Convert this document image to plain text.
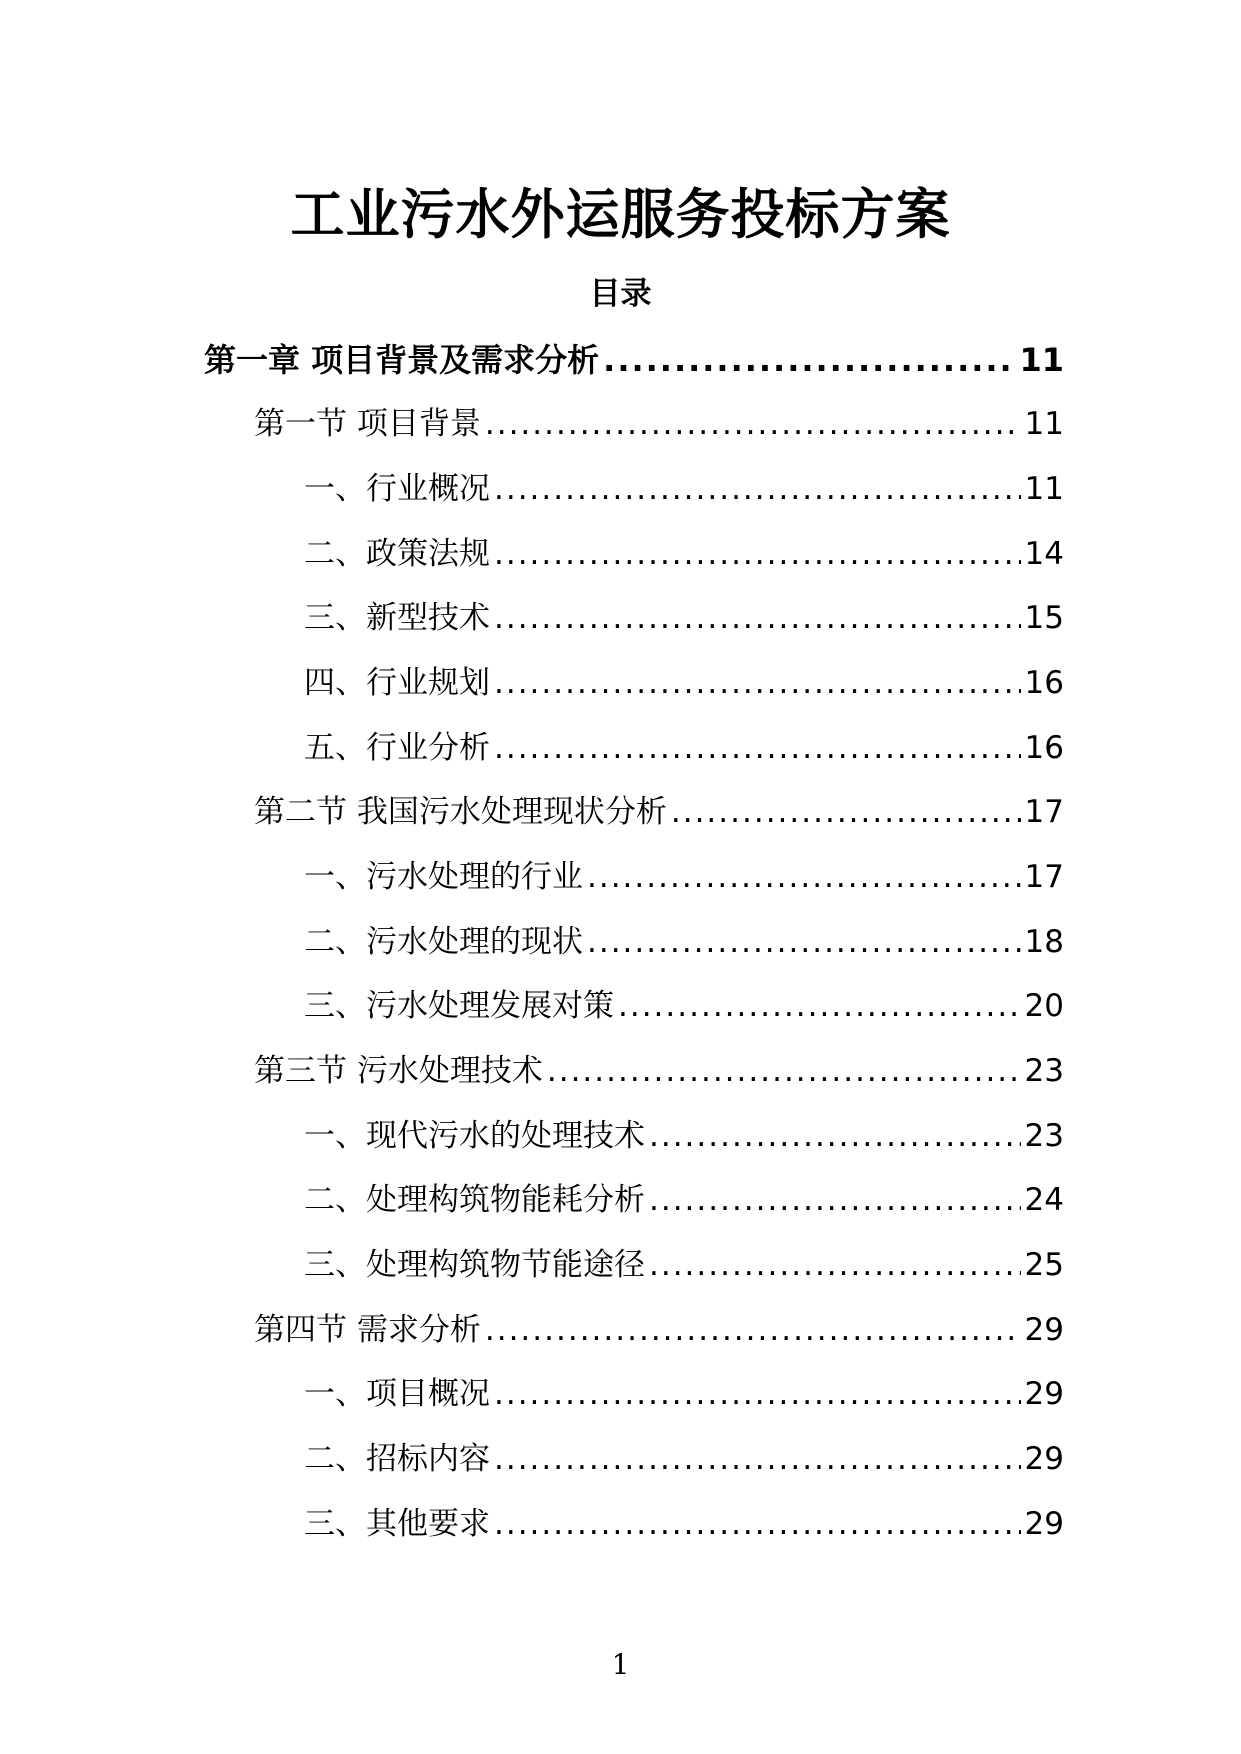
工业污水外运服务投标方案
目录
第一章 项目背景及需求分析 .....	11
第一节 项目背景 .....	11
一、行业概况 .....	11
二、政策法规 .....	14
三、新型技术 .....	15
四、行业规划 .....	16
五、行业分析 .....	16
第二节 我国污水处理现状分析 .....	17
一、污水处理的行业 .....	17
二、污水处理的现状 .....	18
三、污水处理发展对策 .....	20
第三节 污水处理技术 .....	23
一、现代污水的处理技术 .....	23
二、处理构筑物能耗分析 .....	24
三、处理构筑物节能途径 .....	25
第四节 需求分析 .....	29
一、项目概况 .....	29
二、招标内容 .....	29
三、其他要求 .....	29
1
